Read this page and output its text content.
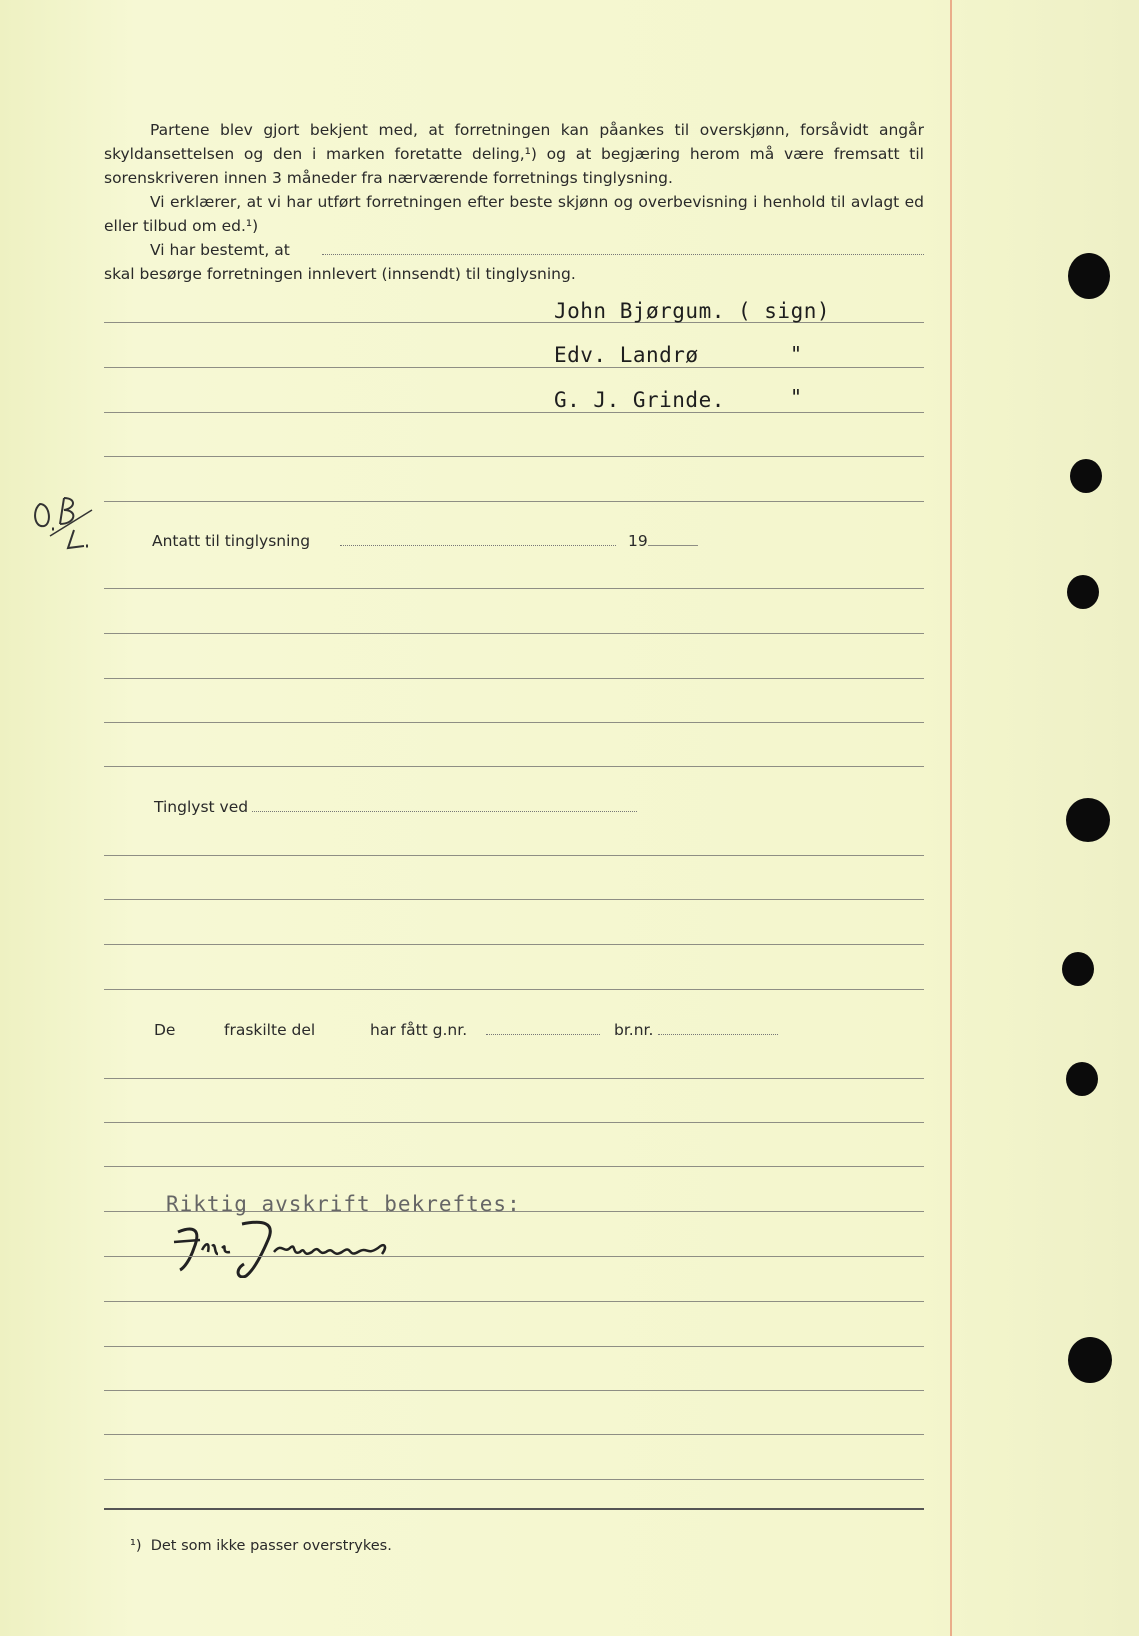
Partene blev gjort bekjent med, at forretningen kan påankes til overskjønn, forsåvidt angår skyldansettelsen og den i marken foretatte deling,¹) og at begjæring herom må være fremsatt til sorenskriveren innen 3 måneder fra nærværende forretnings tinglysning.
Vi erklærer, at vi har utført forretningen efter beste skjønn og overbevisning i henhold til avlagt ed eller tilbud om ed.¹)
Vi har bestemt, at
skal besørge forretningen innlevert (innsendt) til tinglysning.
John Bjørgum. ( sign)
Edv. Landrø	"
G. J. Grinde.	"
Antatt til tinglysning	19
Tinglyst ved
De	fraskilte del	har fått g.nr.	br.nr.
Riktig avskrift bekreftes:
¹) Det som ikke passer overstrykes.
